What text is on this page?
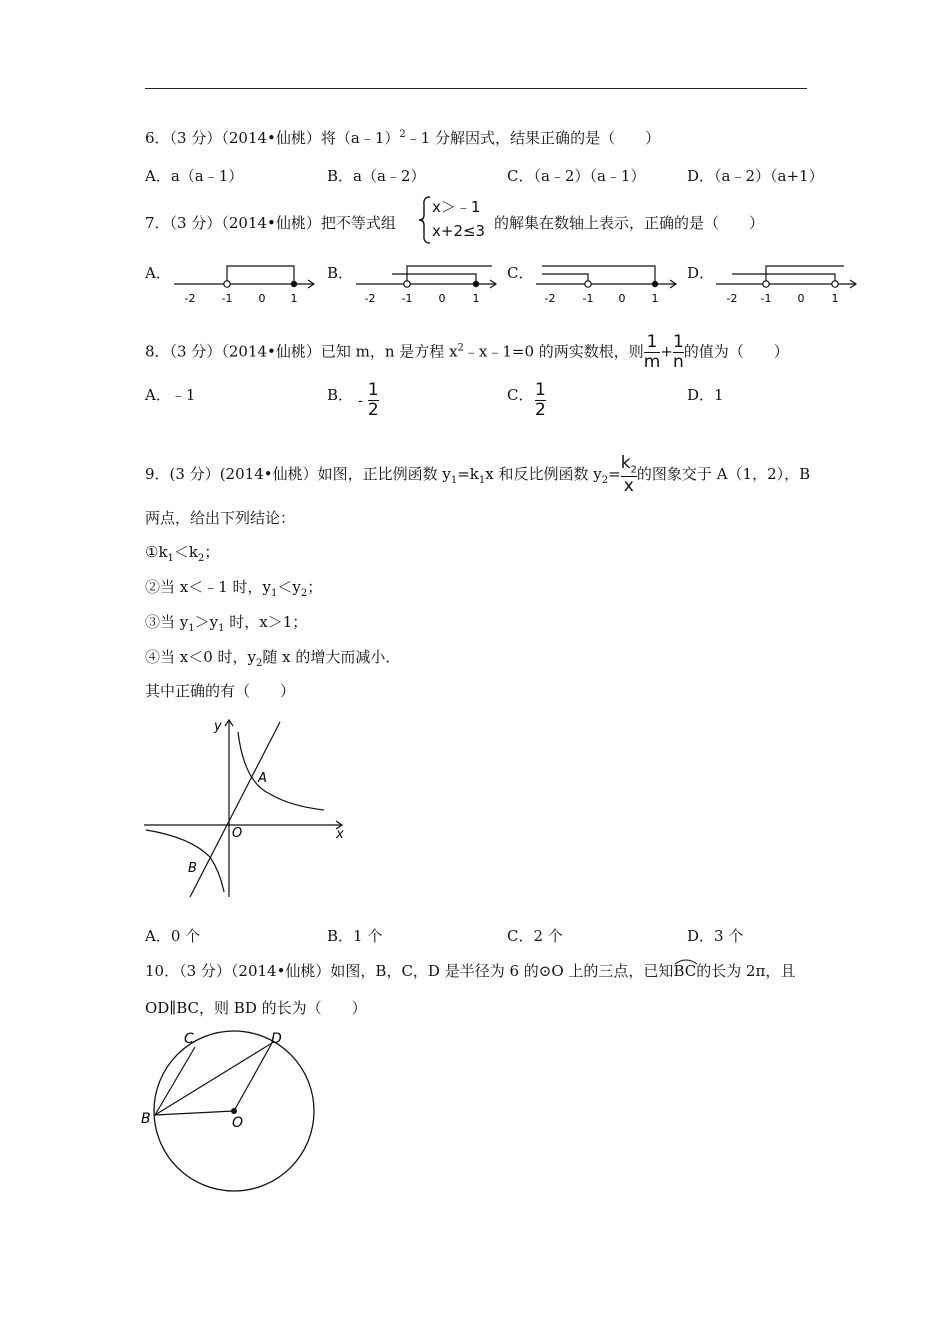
6．（3 分）（2014•仙桃）将（a﹣1）$^2$﹣1 分解因式，结果正确的是（　　）
A．a（a﹣1）	B．a（a﹣2）	C．（a﹣2）（a﹣1）	D．（a﹣2）（a+1）
7．（3 分）（2014•仙桃）把不等式组
x＞﹣1
x+2≤3 的解集在数轴上表示，正确的是（　　）
A．	B．	C．	D．
-2 -1 0 1	-2 -1 0 1	-2 -1 0 1	-2 -1 0 1
8．（3 分）（2014•仙桃）已知 m，n 是方程 $x^2﹣x﹣1=0$ 的两实数根，则 $\frac{1}{m} + \frac{1}{n}$ 的值为（　　）
A．﹣1	B． - $\frac{1}{2}$	C． $\frac{1}{2}$	D．1
9．(3 分）(2014•仙桃）如图，正比例函数 $y_1=k_1x$ 和反比例函数 $y_2= \frac{k_2}{x}$ 的图象交于 A（1，2），B
两点，给出下列结论：
$①k_1<k_2$；
②当 x＜﹣1 时，$y_1<y_2$；
③当 $y_1>y_1$ 时，x＞1；
④当 x＜0 时，$y_2$随 x 的增大而减小．
其中正确的有（　　）
y
x
O
A
B
A．0 个	B．1 个	C．2 个	D．3 个
10．（3 分）（2014•仙桃）如图，B，C，D 是半径为 6 的⊙O 上的三点，已知
BC的长为 2π，且
OD∥BC，则 BD 的长为（　　）
C	D
B	O
